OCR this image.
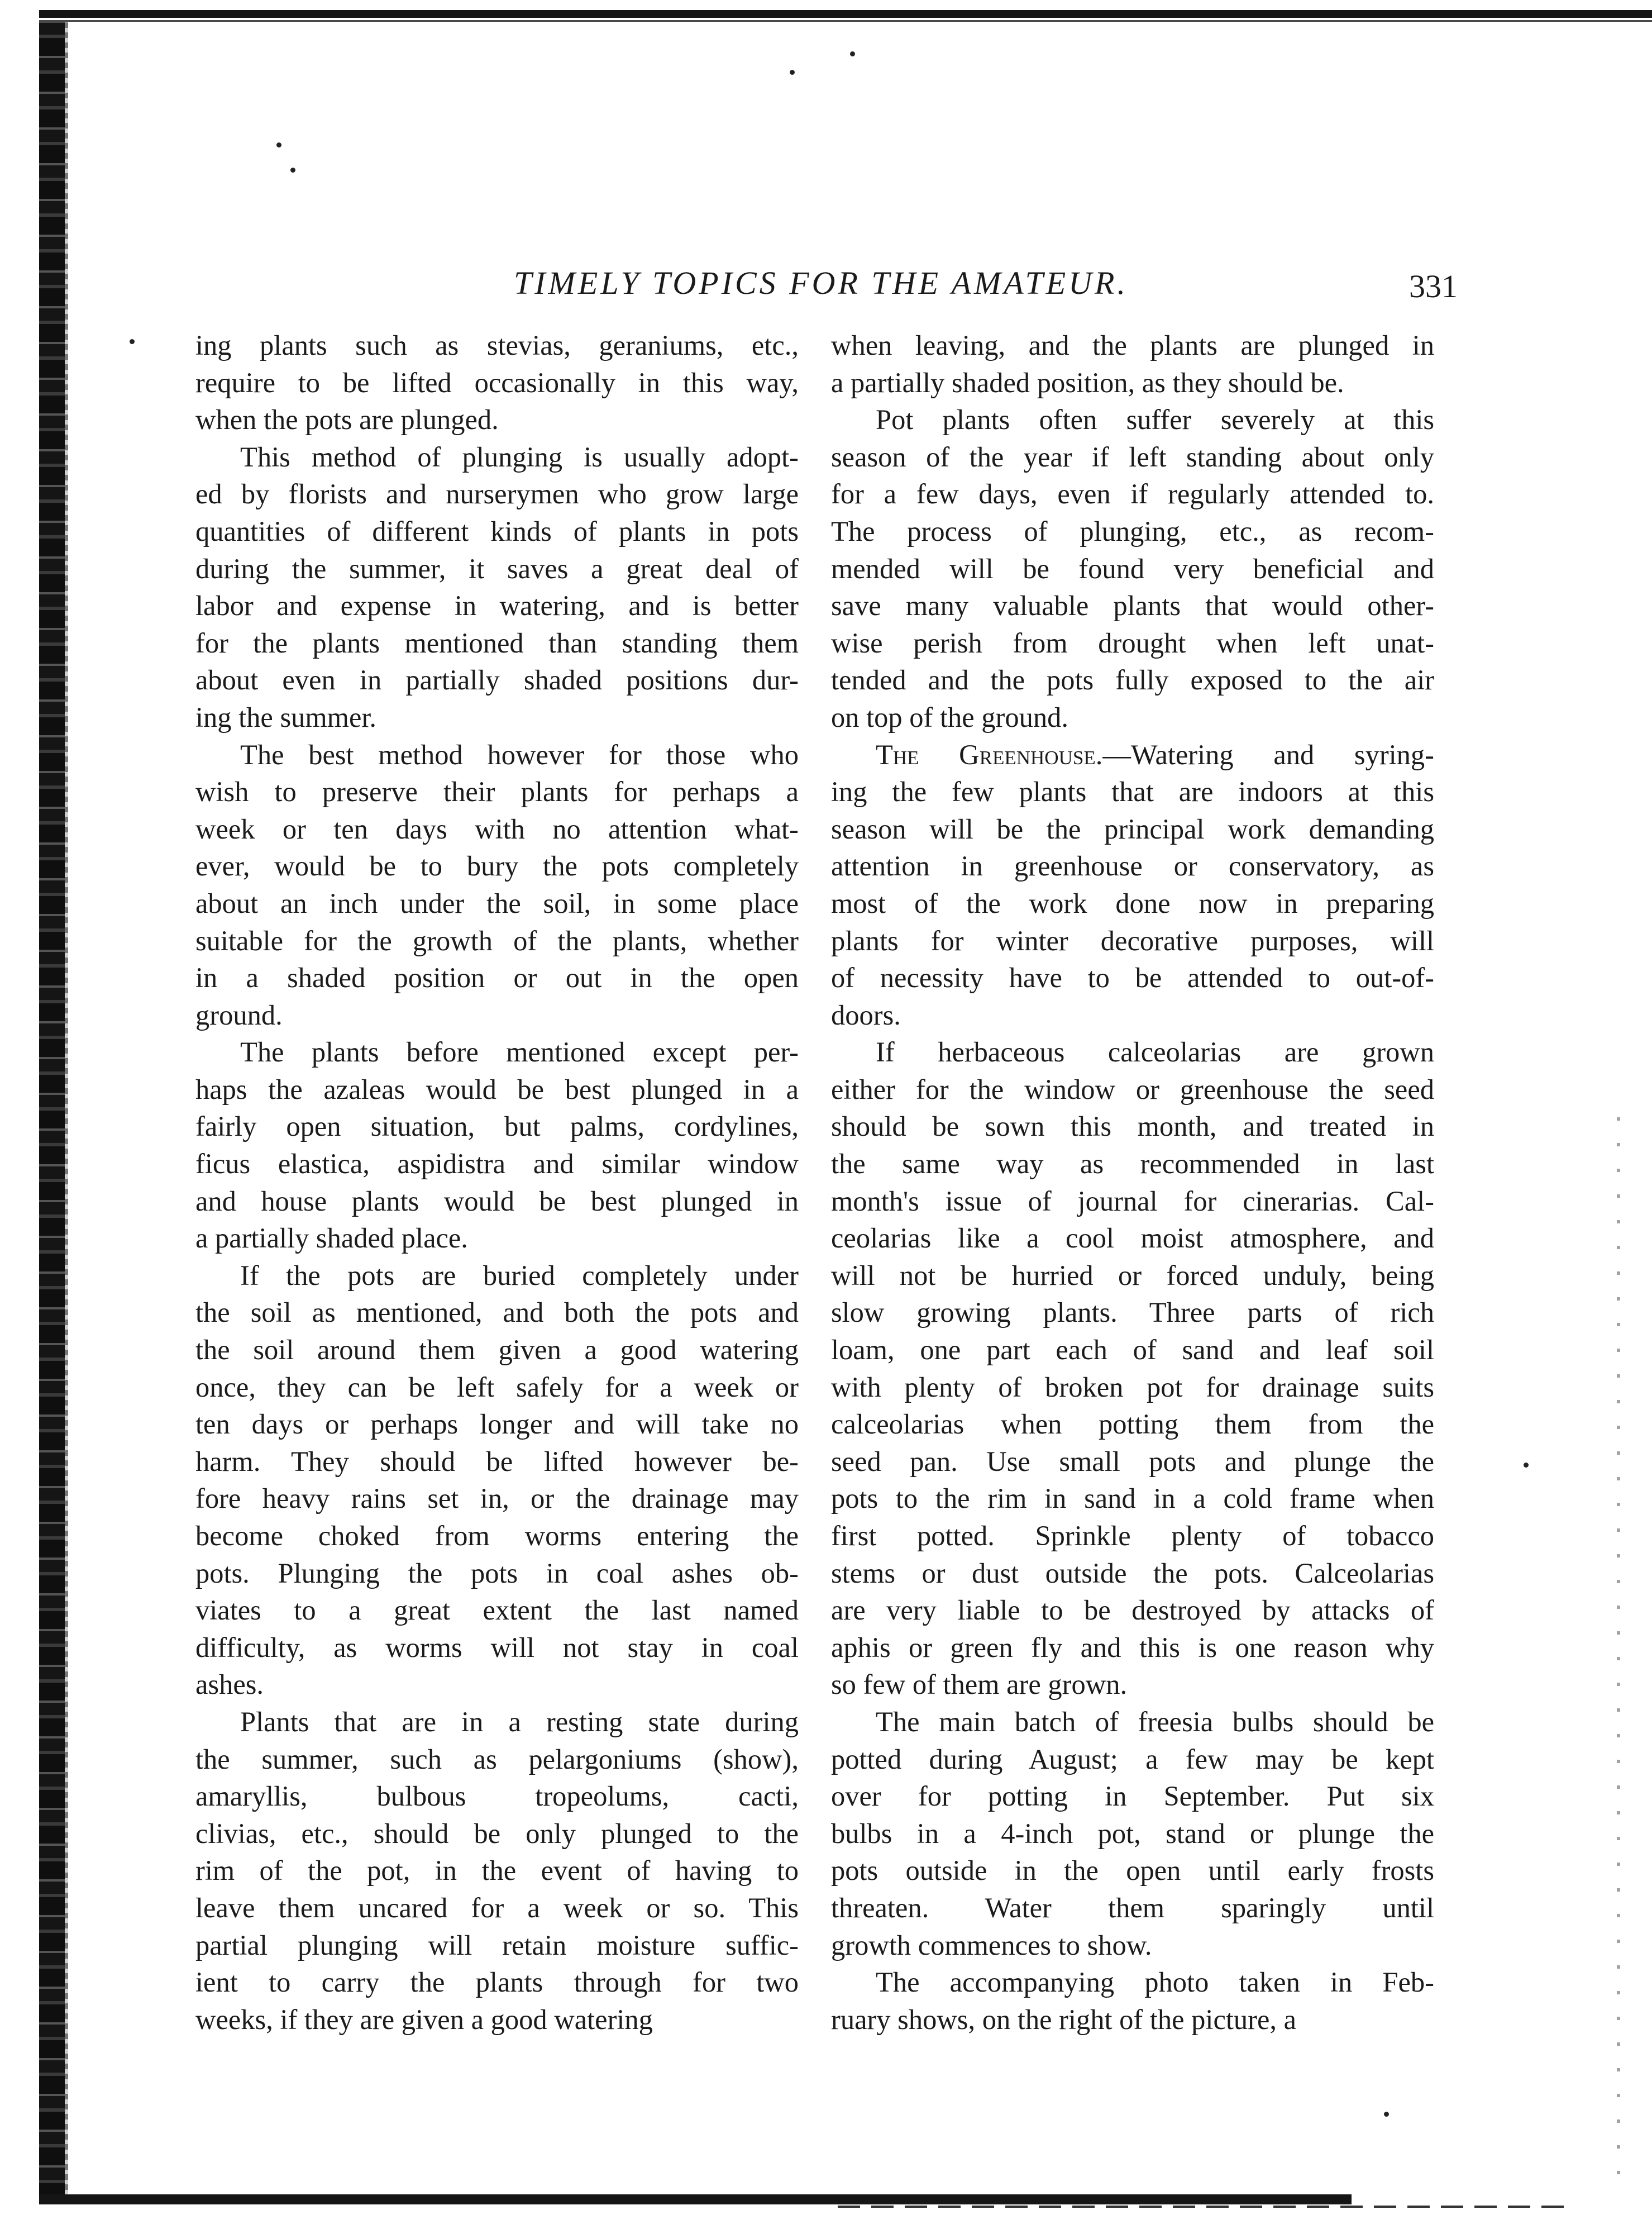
TIMELY TOPICS FOR THE AMATEUR.	331

ing plants such as stevias, geraniums, etc.,

require to be lifted occasionally in this way,

when the pots are plunged.

This method of plunging is usually adopt-

ed by florists and nurserymen who grow large

quantities of different kinds of plants in pots

during the summer, it saves a great deal of

labor and expense in watering, and is better

for the plants mentioned than standing them

about even in partially shaded positions dur-

ing the summer.

The best method however for those who

wish to preserve their plants for perhaps a

week or ten days with no attention what-

ever, would be to bury the pots completely

about an inch under the soil, in some place

suitable for the growth of the plants, whether

in a shaded position or out in the open

ground.

The plants before mentioned except per-

haps the azaleas would be best plunged in a

fairly open situation, but palms, cordylines,

ficus elastica, aspidistra and similar window

and house plants would be best plunged in

a partially shaded place.

If the pots are buried completely under

the soil as mentioned, and both the pots and

the soil around them given a good watering

once, they can be left safely for a week or

ten days or perhaps longer and will take no

harm. They should be lifted however be-

fore heavy rains set in, or the drainage may

become choked from worms entering the

pots. Plunging the pots in coal ashes ob-

viates to a great extent the last named

difficulty, as worms will not stay in coal

ashes.

Plants that are in a resting state during

the summer, such as pelargoniums (show),

amaryllis, bulbous tropeolums, cacti,

clivias, etc., should be only plunged to the

rim of the pot, in the event of having to

leave them uncared for a week or so. This

partial plunging will retain moisture suffic-

ient to carry the plants through for two

weeks, if they are given a good watering

when leaving, and the plants are plunged in

a partially shaded position, as they should be.

Pot plants often suffer severely at this

season of the year if left standing about only

for a few days, even if regularly attended to.

The process of plunging, etc., as recom-

mended will be found very beneficial and

save many valuable plants that would other-

wise perish from drought when left unat-

tended and the pots fully exposed to the air

on top of the ground.

The Greenhouse.—Watering and syring-

ing the few plants that are indoors at this

season will be the principal work demanding

attention in greenhouse or conservatory, as

most of the work done now in preparing

plants for winter decorative purposes, will

of necessity have to be attended to out-of-

doors.

If herbaceous calceolarias are grown

either for the window or greenhouse the seed

should be sown this month, and treated in

the same way as recommended in last

month's issue of journal for cinerarias. Cal-

ceolarias like a cool moist atmosphere, and

will not be hurried or forced unduly, being

slow growing plants. Three parts of rich

loam, one part each of sand and leaf soil

with plenty of broken pot for drainage suits

calceolarias when potting them from the

seed pan. Use small pots and plunge the

pots to the rim in sand in a cold frame when

first potted. Sprinkle plenty of tobacco

stems or dust outside the pots. Calceolarias

are very liable to be destroyed by attacks of

aphis or green fly and this is one reason why

so few of them are grown.

The main batch of freesia bulbs should be

potted during August; a few may be kept

over for potting in September. Put six

bulbs in a 4-inch pot, stand or plunge the

pots outside in the open until early frosts

threaten. Water them sparingly until

growth commences to show.

The accompanying photo taken in Feb-

ruary shows, on the right of the picture, a
